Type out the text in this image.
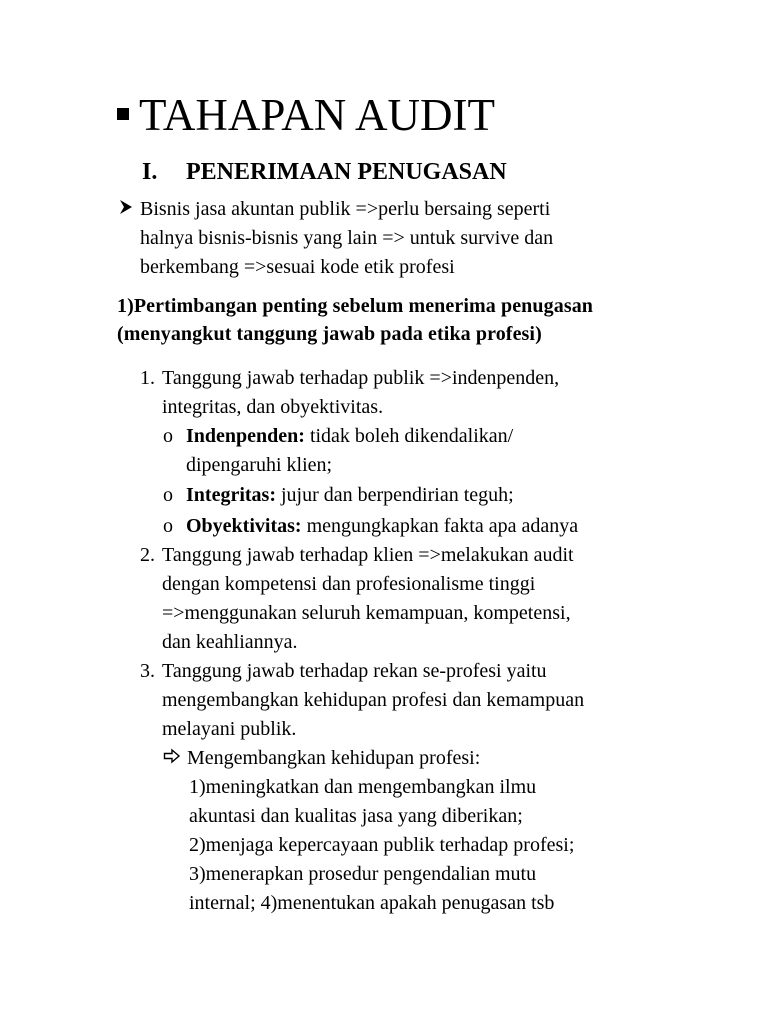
TAHAPAN AUDIT
I. PENERIMAAN PENUGASAN
Bisnis jasa akuntan publik =>perlu bersaing seperti
halnya bisnis-bisnis yang lain => untuk survive dan
berkembang =>sesuai kode etik profesi
1)Pertimbangan penting sebelum menerima penugasan
(menyangkut tanggung jawab pada etika profesi)
1. Tanggung jawab terhadap publik =>indenpenden,
integritas, dan obyektivitas.
o Indenpenden: tidak boleh dikendalikan/
dipengaruhi klien;
o Integritas: jujur dan berpendirian teguh;
o Obyektivitas: mengungkapkan fakta apa adanya
2. Tanggung jawab terhadap klien =>melakukan audit
dengan kompetensi dan profesionalisme tinggi
=>menggunakan seluruh kemampuan, kompetensi,
dan keahliannya.
3. Tanggung jawab terhadap rekan se-profesi yaitu
mengembangkan kehidupan profesi dan kemampuan
melayani publik.
Mengembangkan kehidupan profesi:
1)meningkatkan dan mengembangkan ilmu
akuntasi dan kualitas jasa yang diberikan;
2)menjaga kepercayaan publik terhadap profesi;
3)menerapkan prosedur pengendalian mutu
internal; 4)menentukan apakah penugasan tsb
